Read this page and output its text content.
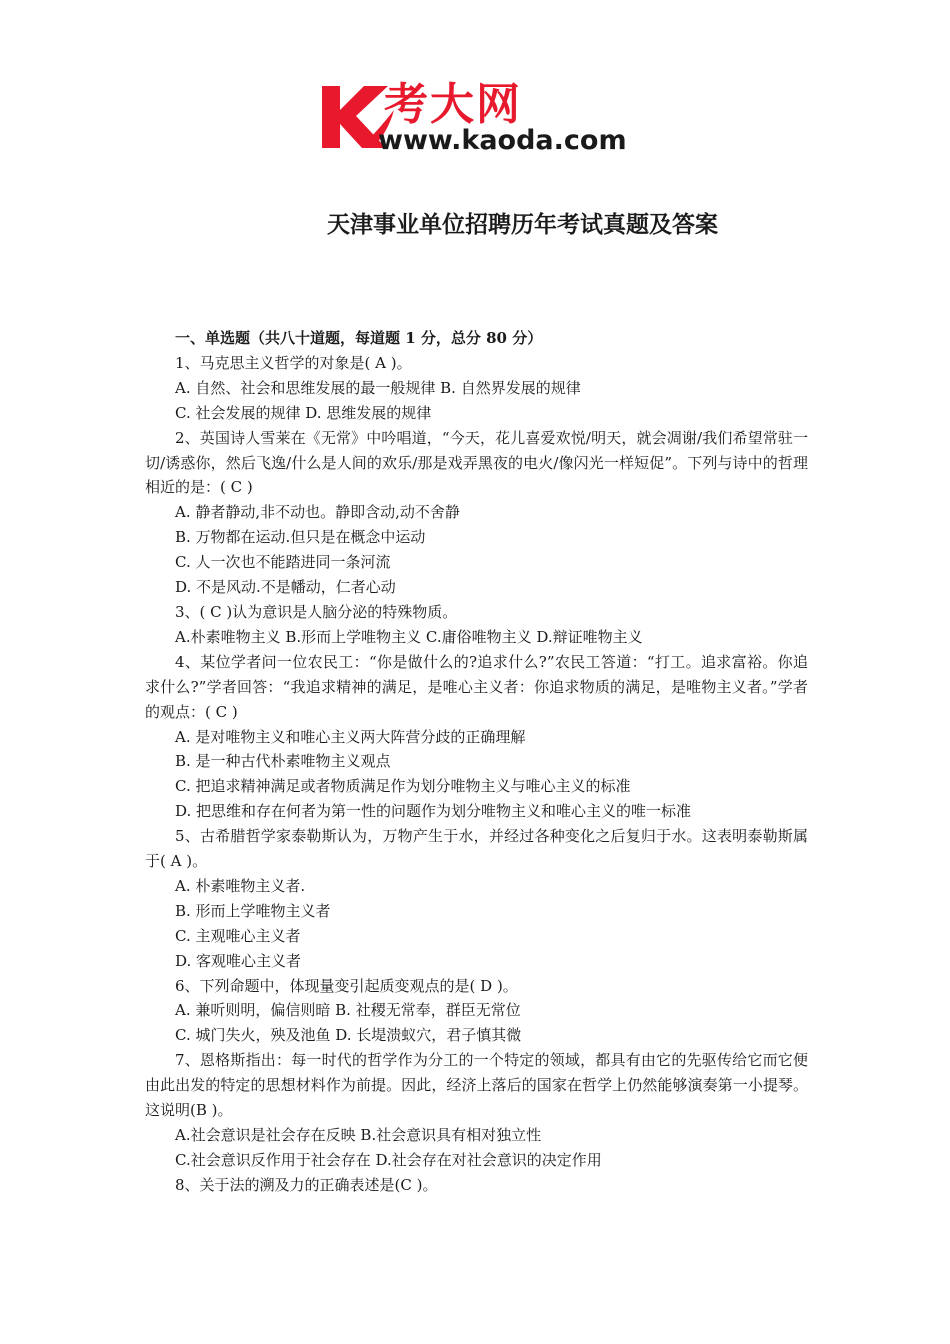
考大网
www.kaoda.com
天津事业单位招聘历年考试真题及答案

一、单选题（共八十道题，每道题 1 分，总分 80 分）

1、马克思主义哲学的对象是( A )。

A. 自然、社会和思维发展的最一般规律 B. 自然界发展的规律

C. 社会发展的规律 D. 思维发展的规律

2、英国诗人雪莱在《无常》中吟唱道，“今天，花儿喜爱欢悦/明天，就会凋谢/我们希望常驻一切/诱惑你，然后飞逸/什么是人间的欢乐/那是戏弄黑夜的电火/像闪光一样短促”。下列与诗中的哲理相近的是：( C )

A. 静者静动,非不动也。静即含动,动不舍静

B. 万物都在运动.但只是在概念中运动

C. 人一次也不能踏进同一条河流

D. 不是风动.不是幡动，仁者心动

3、( C )认为意识是人脑分泌的特殊物质。

A.朴素唯物主义 B.形而上学唯物主义 C.庸俗唯物主义 D.辩证唯物主义

4、某位学者问一位农民工：“你是做什么的?追求什么?”农民工答道：“打工。追求富裕。你追求什么?”学者回答：“我追求精神的满足，是唯心主义者：你追求物质的满足，是唯物主义者。”学者的观点：( C )

A. 是对唯物主义和唯心主义两大阵营分歧的正确理解

B. 是一种古代朴素唯物主义观点

C. 把追求精神满足或者物质满足作为划分唯物主义与唯心主义的标准

D. 把思维和存在何者为第一性的问题作为划分唯物主义和唯心主义的唯一标准

5、古希腊哲学家泰勒斯认为，万物产生于水，并经过各种变化之后复归于水。这表明泰勒斯属于( A )。

A. 朴素唯物主义者.

B. 形而上学唯物主义者

C. 主观唯心主义者

D. 客观唯心主义者

6、下列命题中，体现量变引起质变观点的是( D )。

A. 兼听则明，偏信则暗 B. 社稷无常奉，群臣无常位

C. 城门失火，殃及池鱼 D. 长堤溃蚁穴，君子慎其微

7、恩格斯指出：每一时代的哲学作为分工的一个特定的领域，都具有由它的先驱传给它而它便由此出发的特定的思想材料作为前提。因此，经济上落后的国家在哲学上仍然能够演奏第一小提琴。这说明(B )。

A.社会意识是社会存在反映 B.社会意识具有相对独立性

C.社会意识反作用于社会存在 D.社会存在对社会意识的决定作用

8、关于法的溯及力的正确表述是(C )。
